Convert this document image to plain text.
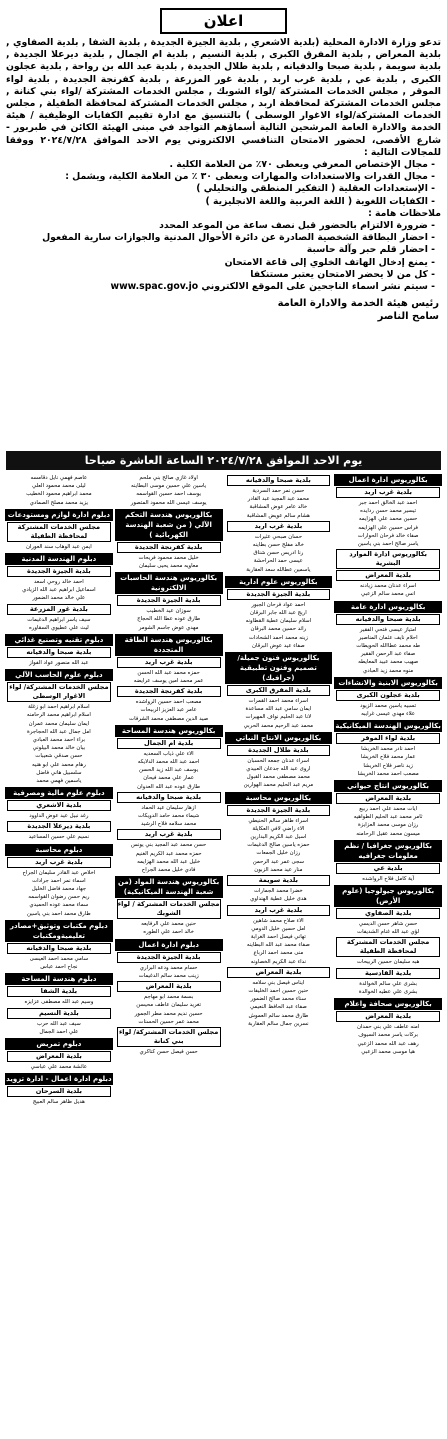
اعلان

تدعو وزارة الادارة المحلية (بلدية الاشعري , بلدية الجيزة الجديدة , بلدية الشفا , بلدية الصفاوي , بلدية المعراض , بلدية المفرق الكبرى , بلدية النسيم , بلدية ام الجمال , بلدية ديرعلا الجديدة , بلدية سويمة , بلدية صبحا والدفيانه , بلدية طلال الجديدة , بلدية عبد الله بن رواحة , بلدية عجلون الكبرى , بلدية عي , بلدية غرب اربد , بلدية غور المزرعة , بلدية كفرنجة الجديدة , بلدية لواء الموقر , مجلس الخدمات المشتركة /لواء الشوبك , مجلس الخدمات المشتركة /لواء بني كنانة , مجلس الخدمات المشتركة لمحافظة اربد , مجلس الخدمات المشتركة لمحافظة الطفيلة , مجلس الخدمات المشتركة/لواء الاغوار الوسطى ) بالتنسيق مع ادارة تقييم الكفايات الوظيفية / هيئة الخدمة والادارة العامة المرشحين التالية أسماؤهم التواجد في مبنى الهيئة الكائن في طبربور - شارع الأقصى، لحضور الامتحان التنافسي الالكتروني يوم الاحد الموافق ٢٠٢٤/٧/٢٨ ووفقا للمجالات التالية :

- مجال الإختصاص المعرفي ويعطى ٧٠٪ من العلامة الكلية .

- مجال القدرات والاستعدادات والمهارات ويعطى ٣٠ ٪ من العلامة الكلية، ويشمل :

- الإستعدادات العقلية ( التفكير المنطقي والتحليلي )

- الكفايات اللغوية ( اللغة العربية واللغة الانجليزية )

ملاحظات هامة :

- ضرورة الالتزام بالحضور قبل نصف ساعة من الموعد المحدد

- احضار البطاقة الشخصية الصادرة عن دائرة الأحوال المدنية والجوازات سارية المفعول

- احضار قلم حبر وآلة حاسبة

- يمنع إدخال الهاتف الخلوي إلى قاعة الامتحان

- كل من لا يحضر الامتحان يعتبر مستنكفا

- سيتم نشر اسماء الناجحين على الموقع الالكتروني www.spac.gov.jo

رئيس هيئة الخدمة والادارة العامة
سامح الناصر
يوم الاحد الموافق ٢٠٢٤/٧/٢٨ الساعة العاشرة صباحا
بكالوريوس ادارة اعمال
بلدية غرب اربد
احمد عبد الخالق احمد جبر
تيسير محمد حسن ردايده
حسين محمد علي الهزايمه
فراس حسين علي الهزايمه
صفاء خالد فرحان الحوارات
ياسر صالح احمد بني ياسين
بكالوريوس ادارة الموارد البشرية
بلدية المعراض
اسراء عدنان محمد زيادنه
انس محمد سالم الزعبي
بكالوريوس ادارة عامة
بلدية صبحا والدفيانه
امتياز عيسى فتحي الفقير
احلام نايف عثمان المناصير
طه محمد عطاالله الحويطات
صفاء عبد الرحمن الفقير
صهيب محمد عبيد المعايطه
منوه محمد زيد العبادي
بكالوريوس الابنية والانشاءات
بلدية عجلون الكبرى
تسبيه ياسين محمد الزيود
علاء مهدي عيسى غرايبه
بكالوريوس الهندسة الميكانيكية
بلدية لواء الموقر
احمد نادر محمد الخريشا
عمار محمد فلاح الخريشا
زيد ناصر فلاح الخريشا
مصعب احمد محمد الخريشا
بكالوريوس انتاج حيواني
بلدية المعراض
ايات محمد علي احمد ربيع
ثامر محمد عبد الحليم الطواهيه
رزان موسى محمد العزايزة
ميسون محمد عقيل الرحامنه
بكالوريوس جغرافيا / نظم معلومات جغرافيه
بلدية عي
آية كامل فلاح الرواشده
بكالوريوس جيولوجيا (علوم الأرض)
بلدية الصفاوي
حسن شاهر حسن الديسي
لؤي عبد الله غنام الشديفات
مجلس الخدمات المشتركة لمحافظة الطفيلة
هبه سليمان حسين الربيحات
بلدية القادسية
بشرى علي سالم الخوالدة
بشرى علي عطيه الخوالدة
بكالوريوس صحافة واعلام
بلدية المعراض
امنه عاطف علي بني حمدان
بركات ياسر محمد السيوف
رهف عبد الله محمد الزعبي
هيا موسى محمد الزعبي
بلدية صبحا والدفيانه
حسن نمر حمد السردية
محمد عبد المجيد عبد القادر
خالد عامر عوض المشاقبة
هشام سالم عويض المشاقبة
بلدية غرب اربد
حسان صبحي عثيرات
خالد مفلح حسن بطاينه
رنا ادريس حسن شناق
عيسى حمد الحراحشة
ياسمين عطالله سعد العقاربة
بكالوريوس علوم ادارية
بلدية الجيزة الجديدة
احمد عواد فرحان الجبور
اريج عبد الله جابر البرقان
اسلام سليمان عطية القطاونه
رائد حسين محمد البرقان
زينه محمد احمد الشحادات
صفاء عيد عوض البرقان
بكالوريوس فنون جميلة/ تصميم وفنون تطبيقية (جرافيك)
بلدية المفرق الكبرى
اسراء محمد احمد القمرات
ايمان سامي عبد الله مساعدة
لانا عبد الحليم نواف المهيرات
محمد عبد الرحيم محمد الحربي
بكالوريوس الانتاج النباتي
بلدية طلال الجديدة
اسراء عدنان جمعه الحسبان
اروى عبد الله جدعان العبيدي
محمد مصطفى محمد القبول
مريم عبد الحليم محمد الهوارين
بكالوريوس محاسبة
بلدية الجيزة الجديدة
اسراء طاهر سالم الحنيطي
الاء راضي لافي العكايلة
اسيل عبد الكريم البدارين
حمزه ياسين صالح الدغيمات
رزان خليل الجمعات
سجى عمر عبد الرحمن
منار عيد محمد الزبون
بلدية سويمة
خضرا محمد الجمارات
هدى خليل عطية الهنداوي
بلدية غرب اربد
الاء صلاح محمد شاهين
امل حسين خليل الدومي
تهاني فيصل احمد الغرابة
صفاء محمد عبد الله البطاينه
منى محمد احمد الرباع
نداء عبد الكريم الخصاونه
بلدية المعراض
ايناس فيصل بني سلامه
حنين حسين احمد الخليفات
سناء محمد صالح الضمور
صفاء عبد الحافظ النعيمي
طارق محمد سالم العموش
نسرين جمال سالم العقاربة
اولاد غازي صالح بني ملحم
ياسين علي حسين موسى البطاينه
يوسف احمد حسين القواسمه
يوسف عيسى الله محمود المتصور
بكالوريوس هندسة التحكم الآلي ( من شعبة الهندسة الكهربائية )
بلدية كفرنجة الجديدة
خليل محمد محمود فريحات
معاويه محمد يحيى سليمان
بكالوريوس هندسة الحاسبات الالكترونية
بلدية الجيزة الجديدة
سوزان عيد الخطيب
طارق عوده عطا الله الحجاج
مهدي عوض جاسم الشومر
بكالوريوس هندسة الطاقة المتجددة
بلدية غرب اربد
حمزه محمد عبد الله الحسن
عمر محمد امين يوسف عرايضه
بلدية كفرنجة الجديدة
مصعب احمد حسين الرواشده
عامر عبد العزيز الربيحات
صيد الدين مصطفى محمد الشرفات
بكالوريوس هندسة المساحة
بلدية ام الجمال
الاء علي ذياب السعديه
احمد عبد الله محمد الدلايكه
يوسف عبد الله زيد الحسن
عمار علي محمد فيحان
طارق عوده عبد الله العدوان
بلدية صبحا والدفيانه
ازهار سليمان عيد الحماد
شيماء محمد حامد الدويكات
محمد سلامه فلاح الرشيد
بلدية غرب اربد
حسن محمد عبد المجيد بني يونس
حمزه محمد عبد الكريم الغنيم
خليل عبد الله محمد الهزايمه
فادي خليل محمد الجراح
بكالوريوس هندسة المواد (من شعبة الهندسة الميكانيكية)
مجلس الخدمات المشتركة / لواء الشوبك
حنين محمد علي الرفايعه
خالد احمد علي الطوره
دبلوم ادارة اعمال
بلدية الجيزة الجديدة
حسام محمد ودعه البراري
زينب محمد سالم الدغيمات
بلدية المعراض
بسمة محمد ابو مهاجم
تغريد سليمان عاطف محيسن
حسين نديم محمد مطر الجمور
محمد عمر حسين الحسنات
مجلس الخدمات المشتركة/ لواء بني كنانة
حسن فيصل حسن كناكري
عاصم فهمي نايل دقامسه
ليلى محمد محمود العلي
محمد ابراهيم محمود الخطيب
يزيد محمد مصلح الصمادي
دبلوم ادارة لوازم ومستودعات
مجلس الخدمات المشتركة لمحافظة الطفيلة
ايمن عبد الوهاب سند العوران
دبلوم الهندسة المدنية
بلدية الجيزة الجديدة
احمد خالد روحي اسعد
اسماعيل ابراهيم عبد الله الزيادي
علي خالد محمد الضمور
بلدية غور المزرعة
سيف ياسر ابراهيم الدغيمات
ليث علي عطيوي السقاوره
دبلوم تقنيه وتصنيع غذائي
بلدية صبحا والدفيانه
عبد الله منصور عواد الفواز
دبلوم علوم الحاسب الآلي
مجلس الخدمات المشتركة/ لواء الاغوار الوسطى
اسلام ابراهيم احمد ابو زغلة
اسلام ابراهيم محمد الرحامنه
ايمان سليمان محمد عمران
امل جمال عبد الله الحجاجرة
براء احمد محمد العبادي
بيان خالد محمد البيلوني
حسن صدقي شعيبات
رهام محمد علي ابو هنيه
سلسبيل هاني فاضل
ياسمين فهمي محمد
دبلوم علوم مالية ومصرفية
بلدية الاشعري
رغد نبيل عيد عوض الداوود
بلدية ديرعلا الجديدة
نسيم علي حسين المساعيد
دبلوم محاسبة
بلدية غرب اربد
اخلاص عبد القادر سليمان الجراح
اسماء نمر احمد جرادات
جهاد محمد فاضل الخليل
ريم حسن رضوان القواسمه
سماء محمد عوده الحميدي
طارق محمد احمد بني ياسين
دبلوم مكتبات وتوثيق+مصادر تعليميةومكتبات
بلدية صبحا والدفيانه
سامي محمد احمد العيسى
نجاح احمد عباس
دبلوم هندسة المساحة
بلدية الشفا
وسيم عبد الله مصطفى عزايزه
بلدية النسيم
سيف عبد الله حرب
علي احمد الجمال
دبلوم تمريض
بلدية المعراض
عائشة محمد علي عباسي
دبلوم ادارة اعمال - ادارة تزويد
بلدية السرحان
هديل ظاهر سالم العبيج
